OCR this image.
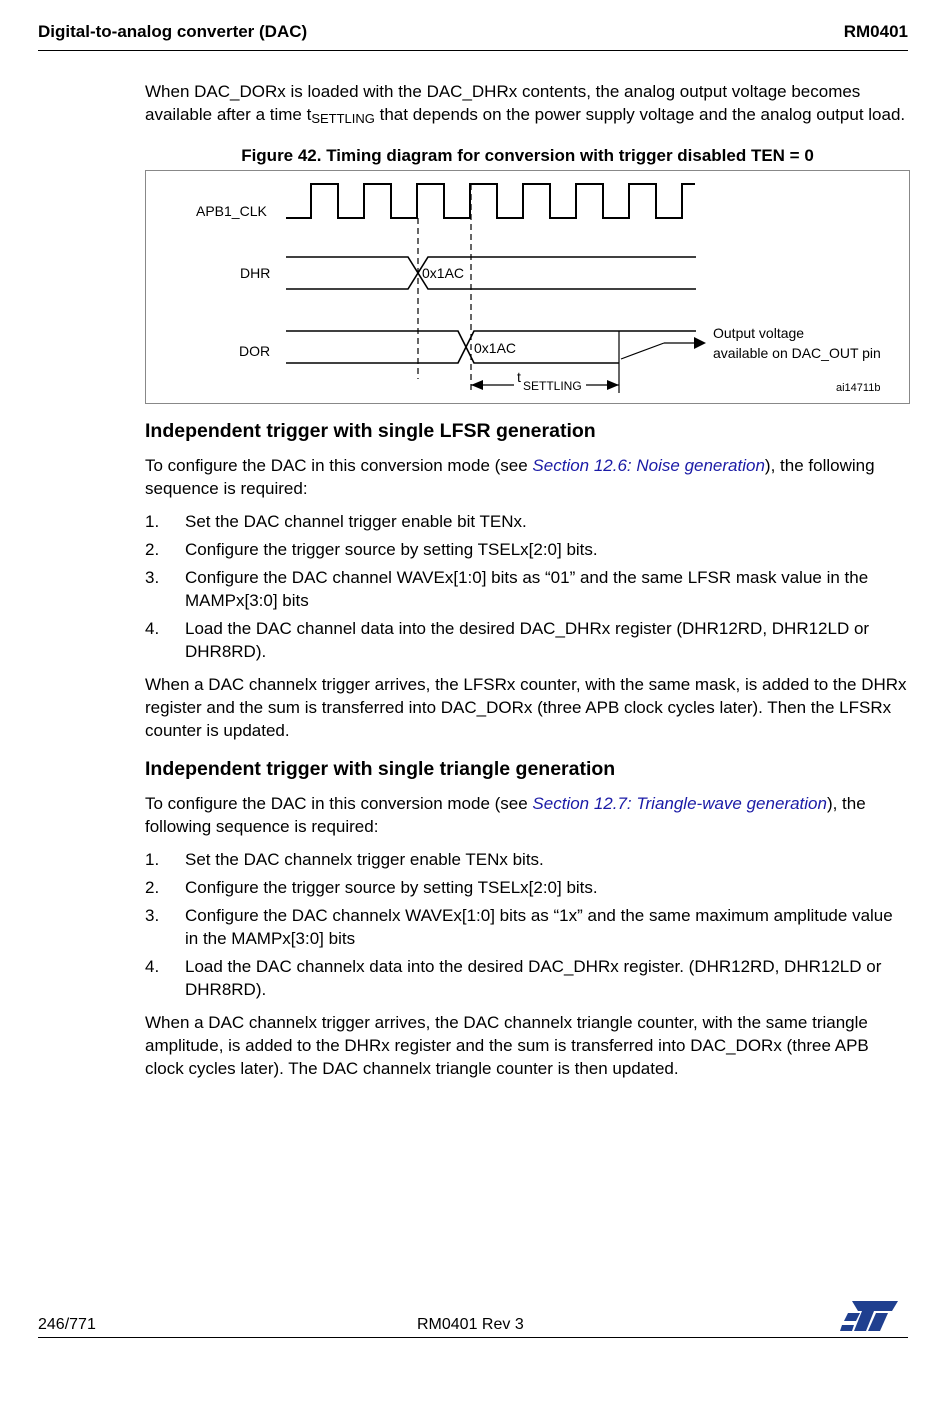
Digital-to-analog converter (DAC)	RM0401

When DAC_DORx is loaded with the DAC_DHRx contents, the analog output voltage becomes available after a time $t_{SETTLING}$ that depends on the power supply voltage and the analog output load.

Figure 42. Timing diagram for conversion with trigger disabled TEN = 0
APB1_CLK
DHR
DOR
0x1AC
0x1AC
Output voltage
available on DAC_OUT pin
t
SETTLING	ai14711b
Independent trigger with single LFSR generation

To configure the DAC in this conversion mode (see Section 12.6: Noise generation), the following sequence is required:

1. Set the DAC channel trigger enable bit TENx.
2. Configure the trigger source by setting TSELx[2:0] bits.
3. Configure the DAC channel WAVEx[1:0] bits as “01” and the same LFSR mask value in the MAMPx[3:0] bits
4. Load the DAC channel data into the desired DAC_DHRx register (DHR12RD, DHR12LD or DHR8RD).

When a DAC channelx trigger arrives, the LFSRx counter, with the same mask, is added to the DHRx register and the sum is transferred into DAC_DORx (three APB clock cycles later). Then the LFSRx counter is updated.

Independent trigger with single triangle generation

To configure the DAC in this conversion mode (see Section 12.7: Triangle-wave generation), the following sequence is required:

1. Set the DAC channelx trigger enable TENx bits.
2. Configure the trigger source by setting TSELx[2:0] bits.
3. Configure the DAC channelx WAVEx[1:0] bits as “1x” and the same maximum amplitude value in the MAMPx[3:0] bits
4. Load the DAC channelx data into the desired DAC_DHRx register. (DHR12RD, DHR12LD or DHR8RD).

When a DAC channelx trigger arrives, the DAC channelx triangle counter, with the same triangle amplitude, is added to the DHRx register and the sum is transferred into DAC_DORx (three APB clock cycles later). The DAC channelx triangle counter is then updated.

246/771	RM0401 Rev 3
